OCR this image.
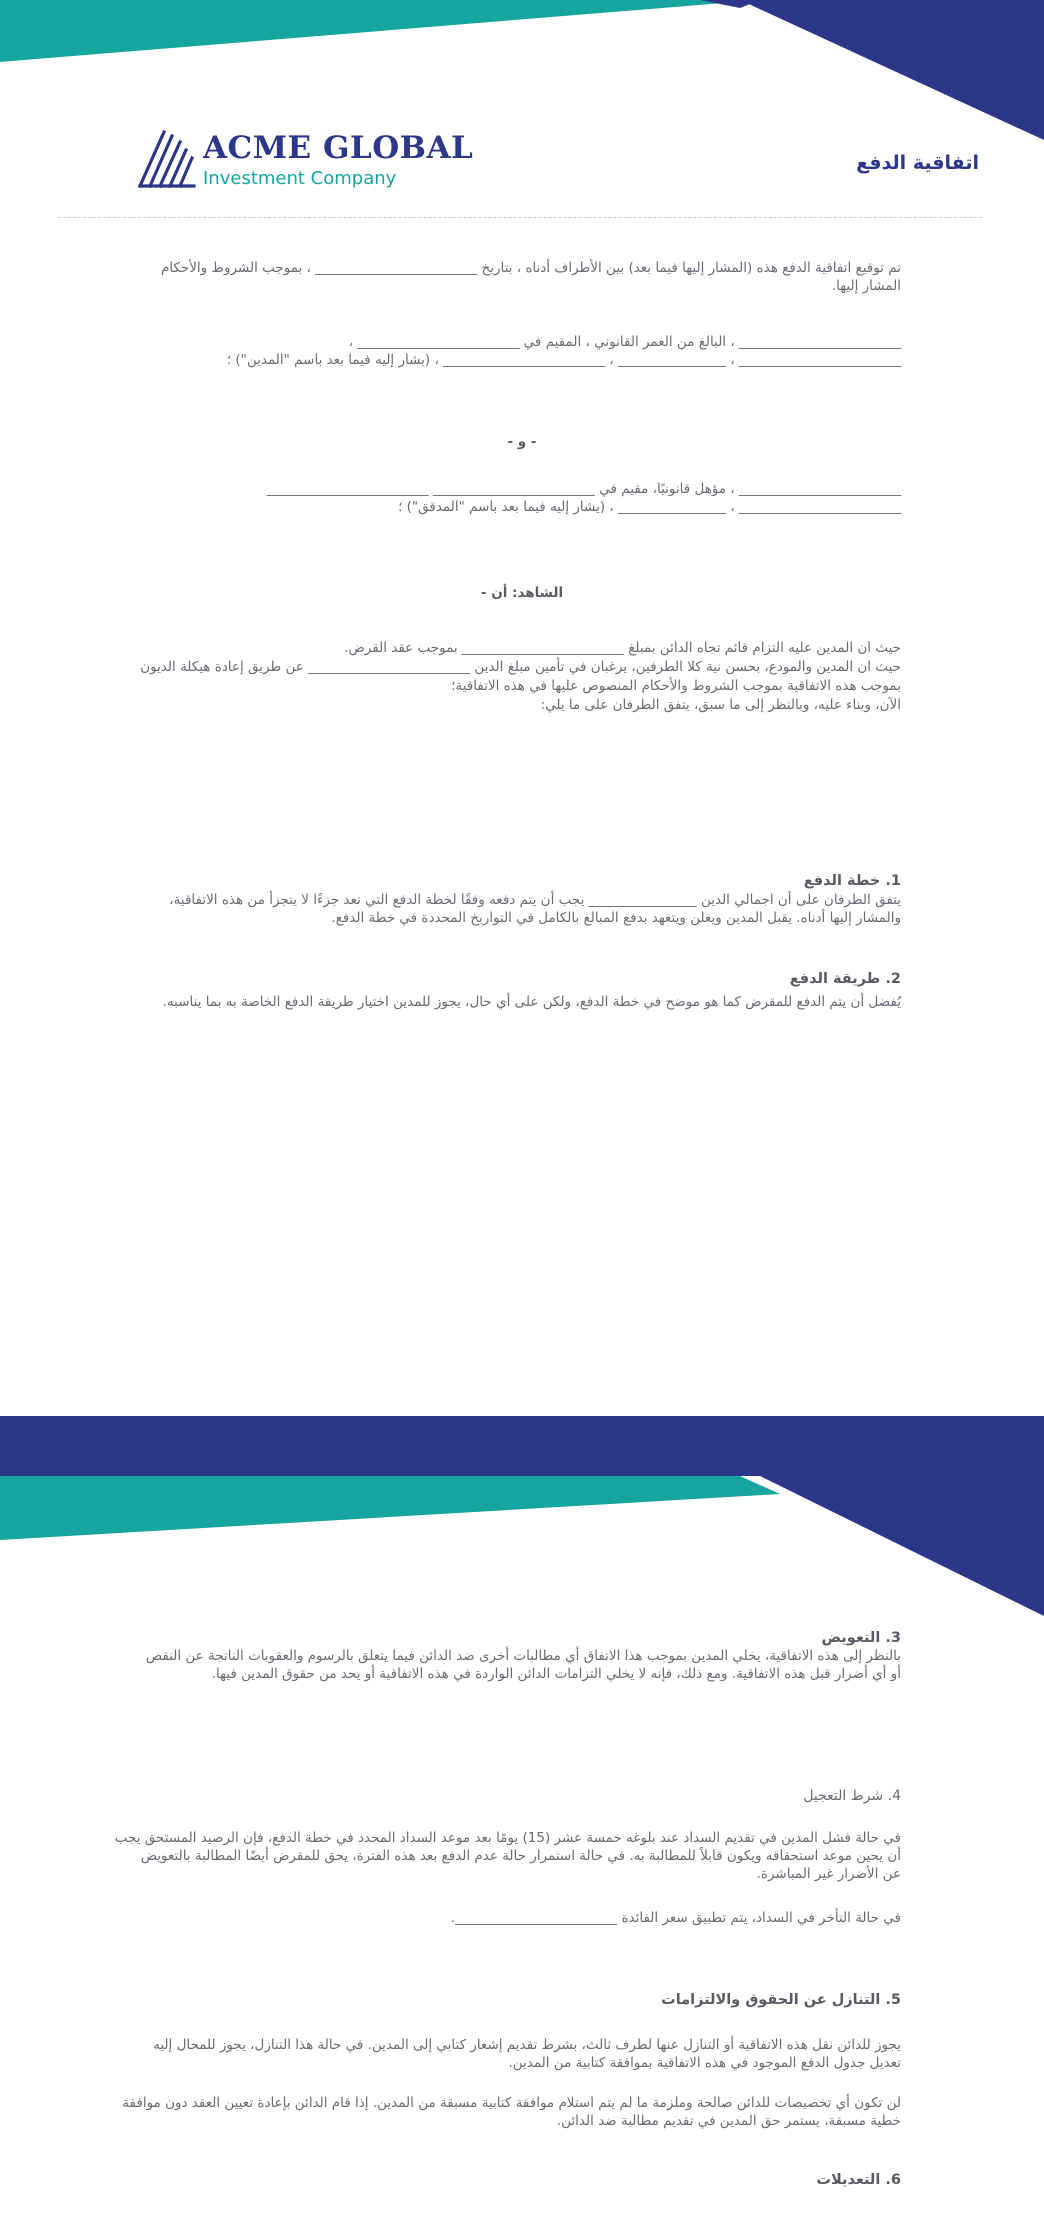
ACME GLOBAL
Investment Company
اتفاقية الدفع
تم توقيع اتفاقية الدفع هذه (المشار إليها فيما بعد) بين الأطراف أدناه ، بتاريخ ________________________ ، بموجب الشروط والأحكام
المشار إليها.
________________________ ، البالغ من العمر القانوني ، المقيم في ________________________ ،
________________________ ، ________________ ، ________________________ ، (يشار إليه فيما بعد باسم "المدين") ؛
- و -
________________________ ، مؤهل قانونيًا، مقيم في ________________________ ________________________
________________________ ، ________________ ، (يشار إليه فيما بعد باسم "المدقق") ؛
الشاهد: أن -
حيث ان المدين عليه التزام قائم تجاه الدائن بمبلغ ________________________ بموجب عقد القرض.
حيث ان المدين والمودع، بحسن نية كلا الطرفين، يرغبان في تأمين مبلغ الدين ________________________ عن طريق إعادة هيكلة الديون
بموجب هذه الاتفاقية بموجب الشروط والأحكام المنصوص عليها في هذه الاتفاقية؛
الآن، وبناء عليه، وبالنظر إلى ما سبق، يتفق الطرفان على ما يلي:
1. خطة الدفع
يتفق الطرفان على أن اجمالي الدين ________________ يجب أن يتم دفعه وفقًا لخطة الدفع التي تعد جزءًا لا يتجزأ من هذه الاتفاقية،
والمشار إليها أدناه. يقبل المدين ويعلن ويتعهد بدفع المبالغ بالكامل في التواريخ المحددة في خطة الدفع.
2. طريقة الدفع
يُفضل أن يتم الدفع للمقرض كما هو موضح في خطة الدفع، ولكن على أي حال، يجوز للمدين اختيار طريقة الدفع الخاصة به بما يناسبه.
3. التعويض
بالنظر إلى هذه الاتفاقية، يخلي المدين بموجب هذا الاتفاق أي مطالبات أخرى ضد الدائن فيما يتعلق بالرسوم والعقوبات الناتجة عن النقص
أو أي أضرار قبل هذه الاتفاقية. ومع ذلك، فإنه لا يخلي التزامات الدائن الواردة في هذه الاتفاقية أو يحد من حقوق المدين فيها.
4. شرط التعجيل
في حالة فشل المدين في تقديم السداد عند بلوغه خمسة عشر (15) يومًا بعد موعد السداد المحدد في خطة الدفع، فإن الرصيد المستحق يجب
أن يحين موعد استحقاقه ويكون قابلاً للمطالبة به. في حالة استمرار حالة عدم الدفع بعد هذه الفترة، يحق للمقرض أيضًا المطالبة بالتعويض
عن الأضرار غير المباشرة.
في حالة التأخر في السداد، يتم تطبيق سعر الفائدة ________________________.
5. التنازل عن الحقوق والالتزامات
يجوز للدائن نقل هذه الاتفاقية أو التنازل عنها لطرف ثالث، بشرط تقديم إشعار كتابي إلى المدين. في حالة هذا التنازل، يجوز للمحال إليه
تعديل جدول الدفع الموجود في هذه الاتفاقية بموافقة كتابية من المدين.
لن تكون أي تخصيصات للدائن صالحة وملزمة ما لم يتم استلام موافقة كتابية مسبقة من المدين. إذا قام الدائن بإعادة تعيين العقد دون موافقة
خطية مسبقة، يستمر حق المدين في تقديم مطالبة ضد الدائن.
6. التعديلات
